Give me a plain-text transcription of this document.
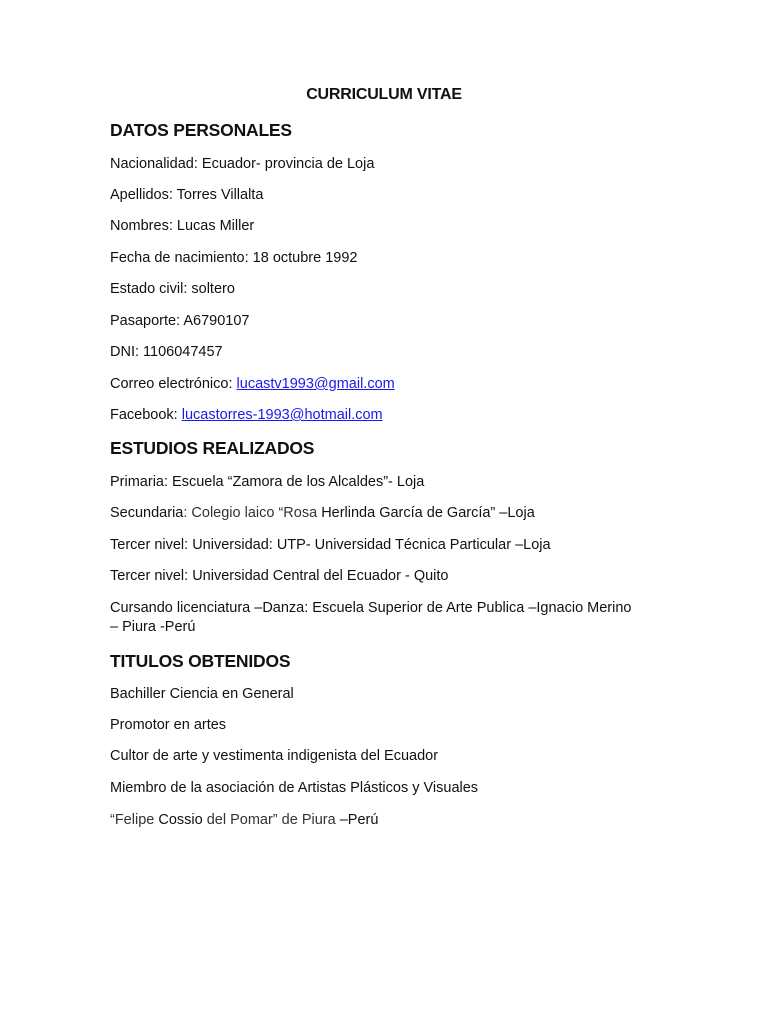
CURRICULUM VITAE
DATOS PERSONALES
Nacionalidad: Ecuador- provincia de Loja
Apellidos: Torres Villalta
Nombres: Lucas Miller
Fecha de nacimiento: 18 octubre 1992
Estado civil: soltero
Pasaporte: A6790107
DNI: 1106047457
Correo electrónico: lucastv1993@gmail.com
Facebook: lucastorres-1993@hotmail.com
ESTUDIOS REALIZADOS
Primaria: Escuela “Zamora de los Alcaldes”- Loja
Secundaria: Colegio laico “Rosa Herlinda García de García” –Loja
Tercer nivel: Universidad: UTP- Universidad Técnica Particular –Loja
Tercer nivel: Universidad Central del Ecuador - Quito
Cursando licenciatura –Danza: Escuela Superior de Arte Publica –Ignacio Merino – Piura -Perú
TITULOS OBTENIDOS
Bachiller Ciencia en General
Promotor en artes
Cultor de arte y vestimenta indigenista del Ecuador
Miembro de la asociación de Artistas Plásticos y Visuales
“Felipe Cossio del Pomar” de Piura –Perú
